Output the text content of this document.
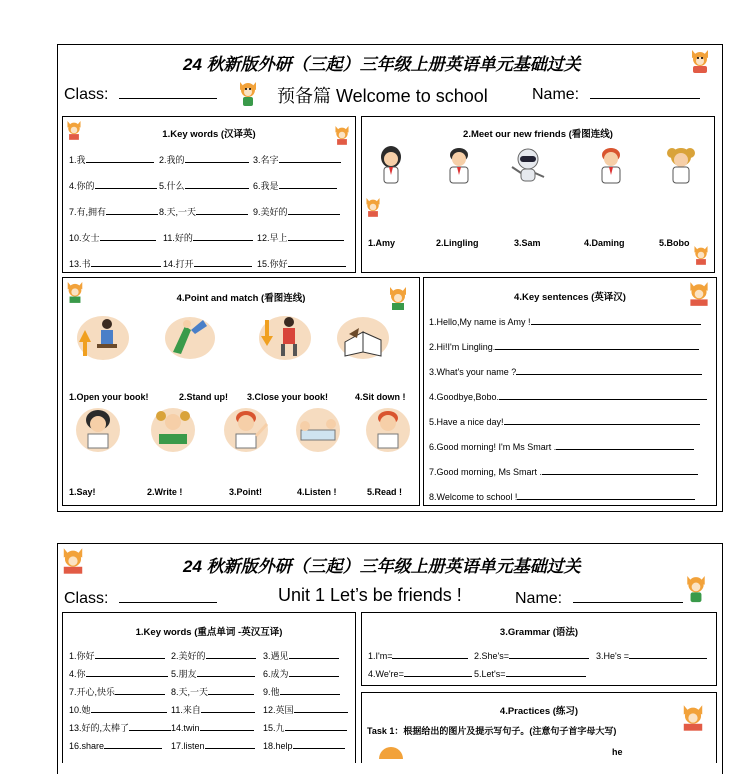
24 秋新版外研（三起）三年级上册英语单元基础过关
Class:	预备篇 Welcome to school	Name:
1.Key words (汉译英)
1.我	2.我的	3.名字
4.你的	5.什么	6.我是
7.有,拥有	8.天,一天	9.美好的
10.女士	11.好的	12.早上
13.书	14.打开	15.你好
2.Meet our new friends (看图连线)
1.Amy	2.Lingling	3.Sam	4.Daming	5.Bobo
4.Point and match (看图连线)
1.Open your book!	2.Stand up! 3.Close your book!	4.Sit down !
1.Say!	2.Write !	3.Point!	4.Listen !	5.Read !
4.Key sentences (英译汉)
1.Hello,My name is Amy !
2.Hi!I'm Lingling.
3.What's your name ?
4.Goodbye,Bobo.
5.Have a nice day!
6.Good morning! I'm Ms Smart .
7.Good morning, Ms Smart .
8.Welcome to school !
24 秋新版外研（三起）三年级上册英语单元基础过关
Class:	Unit 1 Let’s be friends !	Name:
1.Key words (重点单词 -英汉互译)
1.你好	2.美好的	3.遇见
4.你	5.朋友	6.成为
7.开心,快乐	8.天,一天	9.他
10.她	11.来自	12.英国
13.好的,太棒了	14.twin	15.九
16.share	17.listen	18.help
3.Grammar (语法)
1.I'm=	2.She's=	3.He's =
4.We're=	5.Let's=
4.Practices (练习)
Task 1：根据给出的图片及提示写句子。(注意句子首字母大写)
he
